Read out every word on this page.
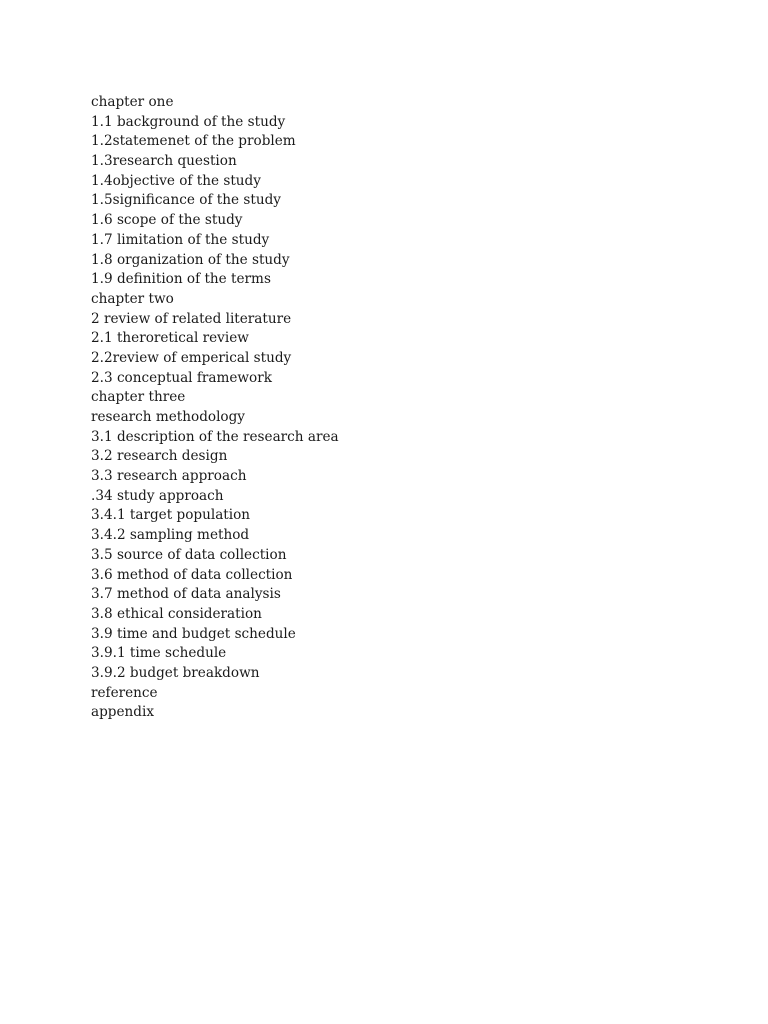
chapter one
1.1 background of the study
1.2statemenet of the problem
1.3research question
1.4objective of the study
1.5significance of the study
1.6 scope of the study
1.7 limitation of the study
1.8 organization of the study
1.9 definition of the terms
chapter two
2 review of related literature
2.1 theroretical review
2.2review of emperical study
2.3 conceptual framework
chapter three
research methodology
3.1 description of the research area
3.2 research design
3.3 research approach
.34 study approach
3.4.1 target population
3.4.2 sampling method
3.5 source of data collection
3.6 method of data collection
3.7 method of data analysis
3.8 ethical consideration
3.9 time and budget schedule
3.9.1 time schedule
3.9.2 budget breakdown
reference
appendix
